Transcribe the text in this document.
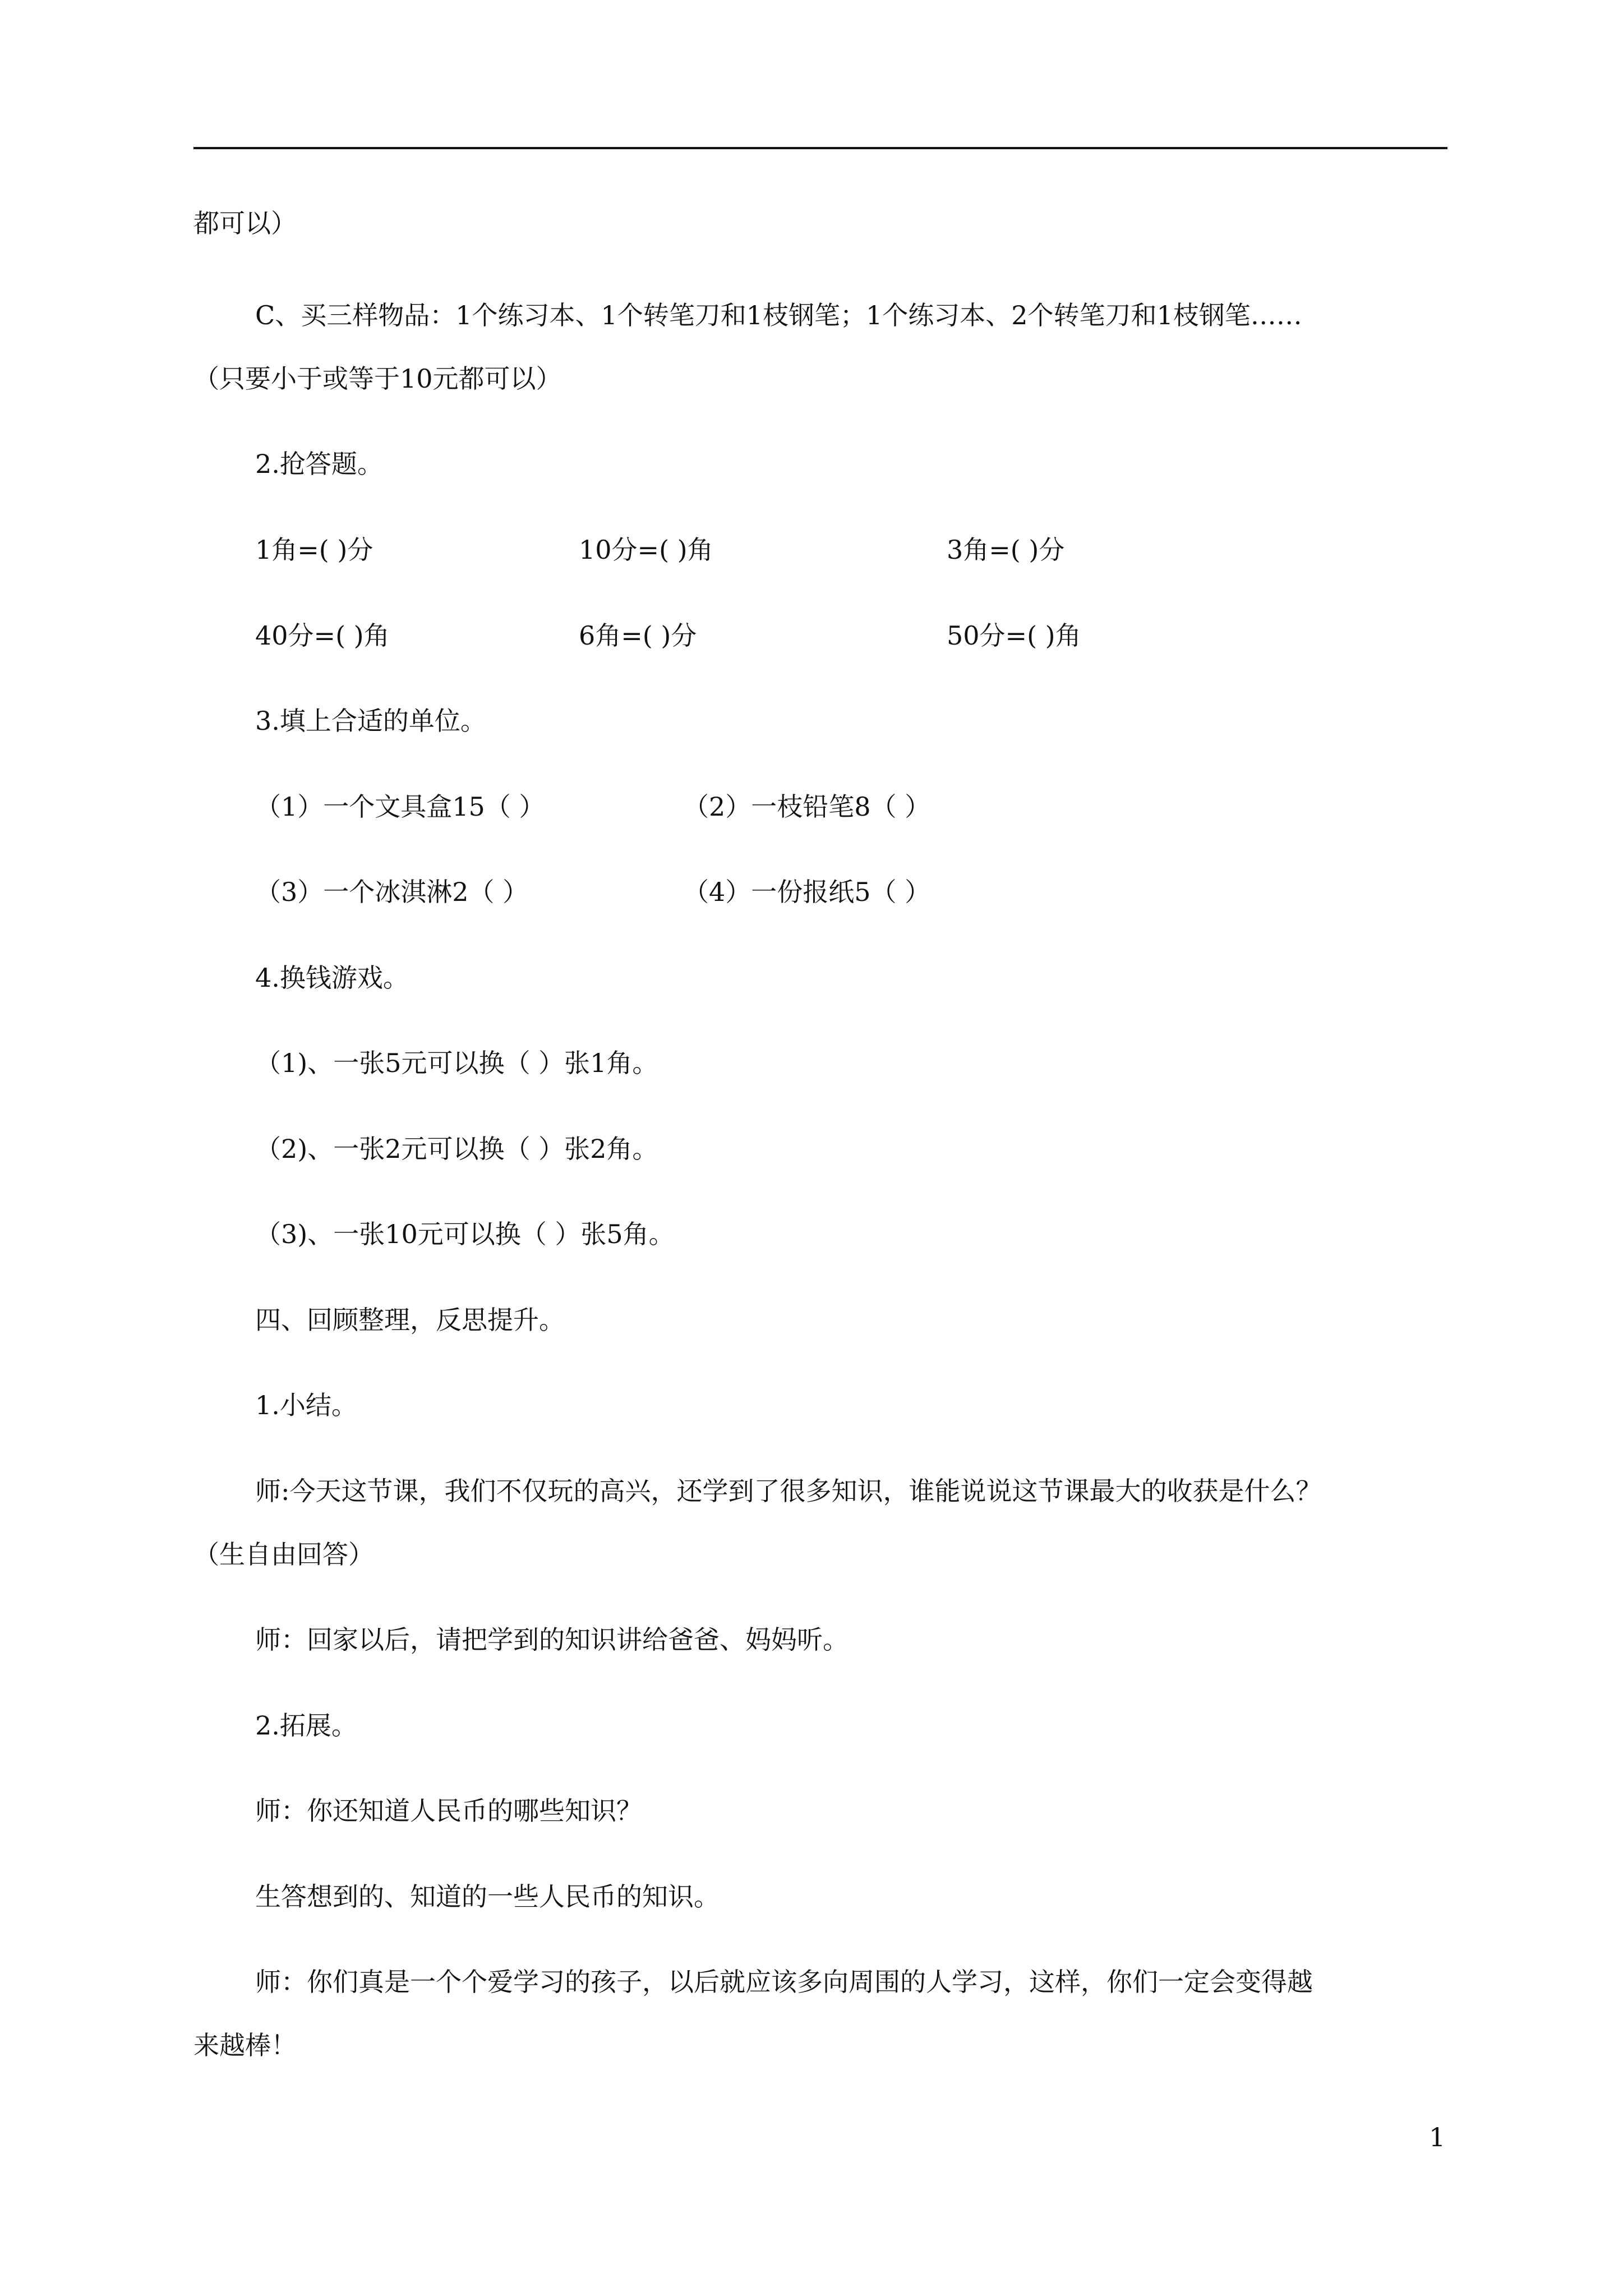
都可以）
C、买三样物品：1个练习本、1个转笔刀和1枝钢笔；1个练习本、2个转笔刀和1枝钢笔……
（只要小于或等于10元都可以）
2.抢答题。
1角=( )分	10分=( )角	3角=( )分
40分=( )角	6角=( )分	50分=( )角
3.填上合适的单位。
（1）一个文具盒15（ ）	（2）一枝铅笔8（ ）
（3）一个冰淇淋2（ ）	（4）一份报纸5（ ）
4.换钱游戏。
（1)、一张5元可以换（ ）张1角。
（2)、一张2元可以换（ ）张2角。
（3)、一张10元可以换（ ）张5角。
四、回顾整理，反思提升。
1.小结。
师:今天这节课，我们不仅玩的高兴，还学到了很多知识，谁能说说这节课最大的收获是什么？
（生自由回答）
师：回家以后，请把学到的知识讲给爸爸、妈妈听。
2.拓展。
师：你还知道人民币的哪些知识？
生答想到的、知道的一些人民币的知识。
师：你们真是一个个爱学习的孩子，以后就应该多向周围的人学习，这样，你们一定会变得越
来越棒！
1
